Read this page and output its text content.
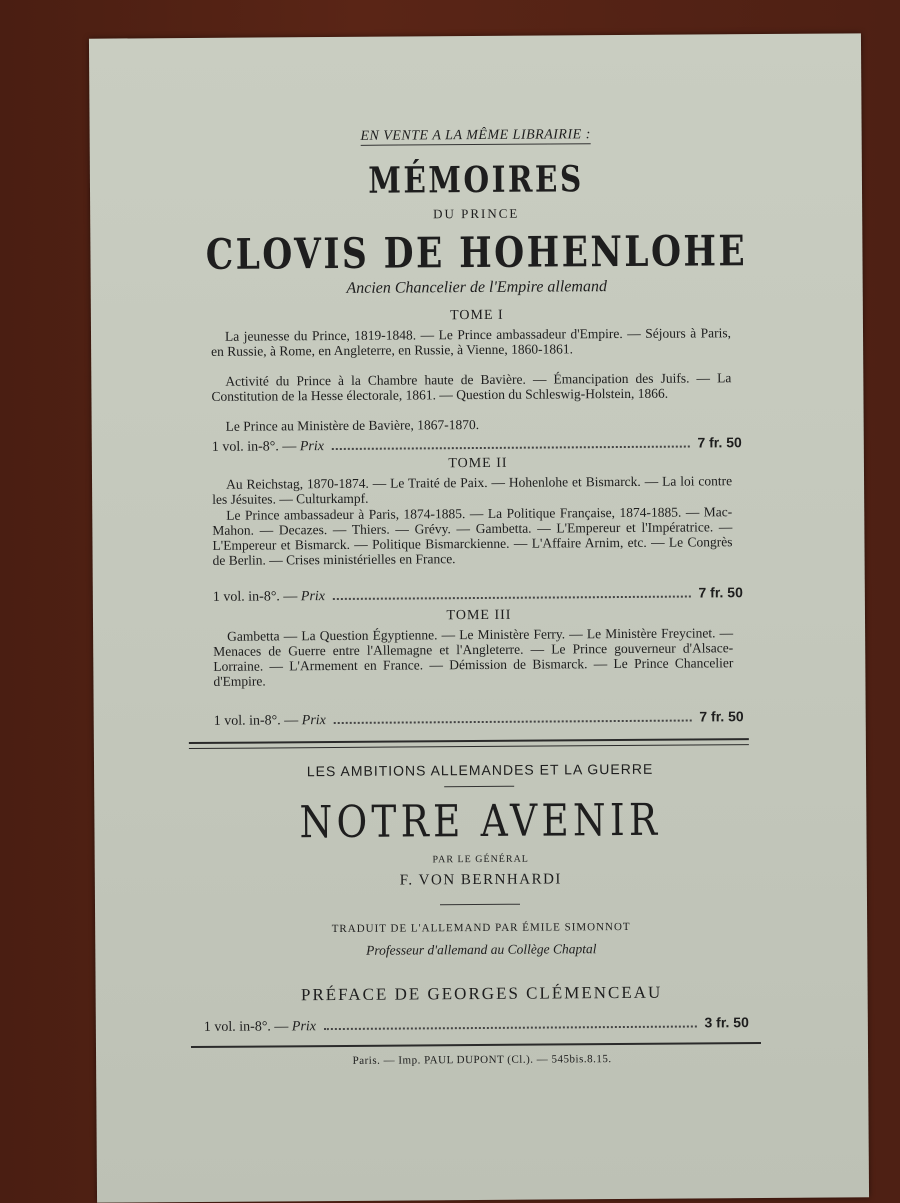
EN VENTE A LA MÊME LIBRAIRIE :
MÉMOIRES
DU PRINCE
CLOVIS DE HOHENLOHE
Ancien Chancelier de l'Empire allemand
TOME I
La jeunesse du Prince, 1819-1848. — Le Prince ambassadeur d'Empire. — Séjours à Paris, en Russie, à Rome, en Angleterre, en Russie, à Vienne, 1860-1861.
Activité du Prince à la Chambre haute de Bavière. — Émancipation des Juifs. — La Constitution de la Hesse électorale, 1861. — Question du Schleswig-Holstein, 1866.
Le Prince au Ministère de Bavière, 1867-1870.
1 vol. in-8°. — Prix	7 fr. 50
TOME II
Au Reichstag, 1870-1874. — Le Traité de Paix. — Hohenlohe et Bismarck. — La loi contre les Jésuites. — Culturkampf.
Le Prince ambassadeur à Paris, 1874-1885. — La Politique Française, 1874-1885. — Mac-Mahon. — Decazes. — Thiers. — Grévy. — Gambetta. — L'Empereur et l'Impératrice. — L'Empereur et Bismarck. — Politique Bismarckienne. — L'Affaire Arnim, etc. — Le Congrès de Berlin. — Crises ministérielles en France.
1 vol. in-8°. — Prix	7 fr. 50
TOME III
Gambetta — La Question Égyptienne. — Le Ministère Ferry. — Le Ministère Freycinet. — Menaces de Guerre entre l'Allemagne et l'Angleterre. — Le Prince gouverneur d'Alsace-Lorraine. — L'Armement en France. — Démission de Bismarck. — Le Prince Chancelier d'Empire.
1 vol. in-8°. — Prix	7 fr. 50
LES AMBITIONS ALLEMANDES ET LA GUERRE
NOTRE AVENIR
PAR LE GÉNÉRAL
F. VON BERNHARDI
TRADUIT DE L'ALLEMAND PAR ÉMILE SIMONNOT
Professeur d'allemand au Collège Chaptal
PRÉFACE DE GEORGES CLÉMENCEAU
1 vol. in-8°. — Prix	3 fr. 50
Paris. — Imp. PAUL DUPONT (Cl.). — 545bis.8.15.
